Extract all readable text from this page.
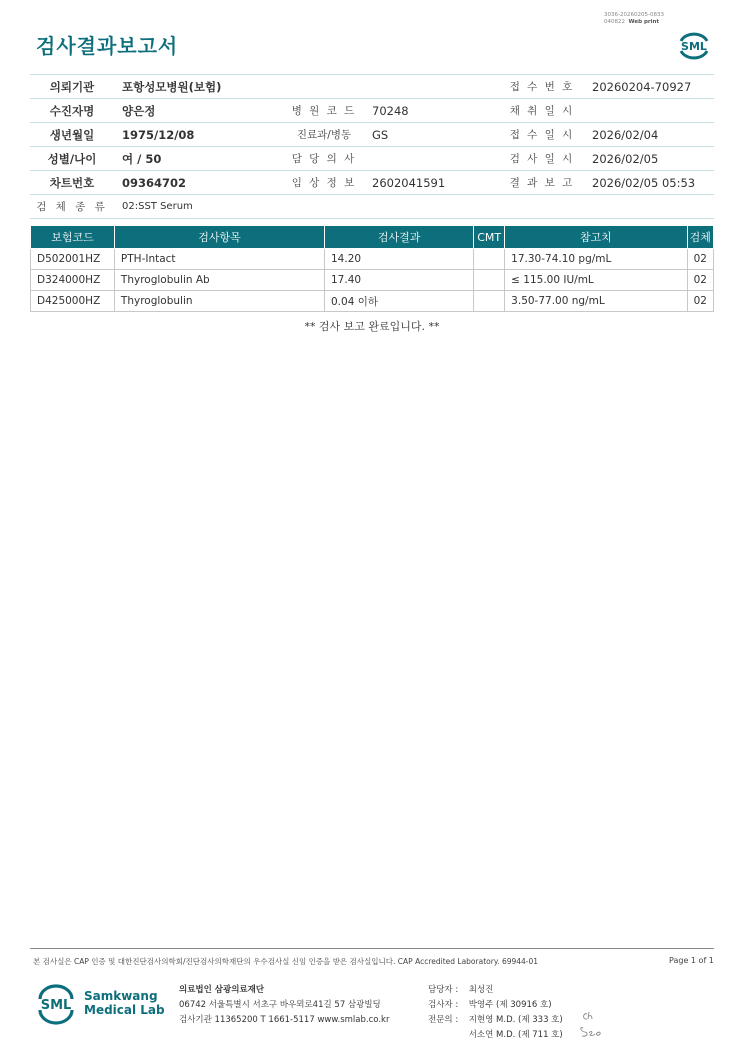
3036-20260205-0833
040822 Web print
검사결과보고서	SML
의뢰기관	포항성모병원(보험)			접 수 번 호	20260204-70927
수진자명	양은정	병 원 코 드	70248	채 취 일 시	
생년월일	1975/12/08	진료과/병동	GS	접 수 일 시	2026/02/04
성별/나이	여 / 50	담 당 의 사		검 사 일 시	2026/02/05
차트번호	09364702	임 상 정 보	2602041591	결 과 보 고	2026/02/05 05:53
검 체 종 류	02:SST Serum				
보험코드	검사항목	검사결과	CMT	참고치	검체
D502001HZ	PTH-Intact	14.20		17.30-74.10 pg/mL	02
D324000HZ	Thyroglobulin Ab	17.40		≤ 115.00 IU/mL	02
D425000HZ	Thyroglobulin	0.04 이하		3.50-77.00 ng/mL	02
** 검사 보고 완료입니다. **
본 검사실은 CAP 인증 및 대한진단검사의학회/진단검사의학재단의 우수검사실 신임 인증을 받은 검사실입니다. CAP Accredited Laboratory. 69944-01	Page 1 of 1
SML
Samkwang
Medical Lab
의료법인 삼광의료재단
06742 서울특별시 서초구 바우뫼로41길 57 삼광빌딩
검사기관 11365200 T 1661-5117 www.smlab.co.kr
담당자 : 최성진
검사자 : 박영주 (제 30916 호)
전문의 : 지현영 M.D. (제 333 호)
서소연 M.D. (제 711 호)
